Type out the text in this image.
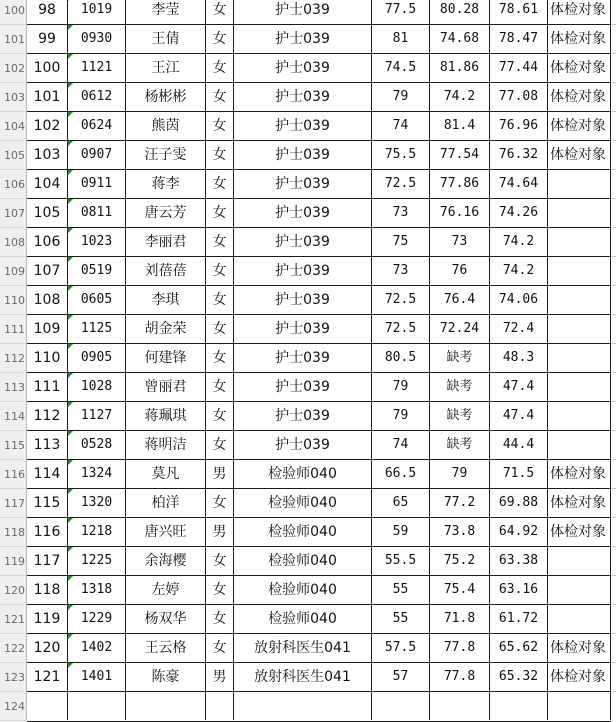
100 98	1019	李莹	女	护士039	77.5	80.28	78.61 体检对象
101 99	0930	王倩	女	护士039	81	74.68	78.47 体检对象
102 100	1121	王江	女	护士039	74.5	81.86	77.44 体检对象
103 101	0612	杨彬彬	女	护士039	79	74.2	77.08 体检对象
104 102	0624	熊茵	女	护士039	74	81.4	76.96 体检对象
105 103	0907	汪子雯	女	护士039	75.5	77.54	76.32 体检对象
106 104	0911	蒋李	女	护士039	72.5	77.86	74.64
107 105	0811	唐云芳	女	护士039	73	76.16	74.26
108 106	1023	李丽君	女	护士039	75	73	74.2
109 107	0519	刘蓓蓓	女	护士039	73	76	74.2
110 108	0605	李琪	女	护士039	72.5	76.4	74.06
111 109	1125	胡金荣	女	护士039	72.5	72.24	72.4
112 110	0905	何建锋	女	护士039	80.5	缺考	48.3
113 111	1028	曾丽君	女	护士039	79	缺考	47.4
114 112	1127	蒋珮琪	女	护士039	79	缺考	47.4
115 113	0528	蒋明洁	女	护士039	74	缺考	44.4
116 114	1324	莫凡	男	检验师040	66.5	79	71.5	体检对象
117 115	1320	柏洋	女	检验师040	65	77.2	69.88 体检对象
118 116	1218	唐兴旺	男	检验师040	59	73.8	64.92 体检对象
119 117	1225	余海樱	女	检验师040	55.5	75.2	63.38
120 118	1318	左婷	女	检验师040	55	75.4	63.16
121 119	1229	杨双华	女	检验师040	55	71.8	61.72
122 120	1402	王云格	女	放射科医生041	57.5	77.8	65.62 体检对象
123 121	1401	陈豪	男	放射科医生041	57	77.8	65.32 体检对象
124
